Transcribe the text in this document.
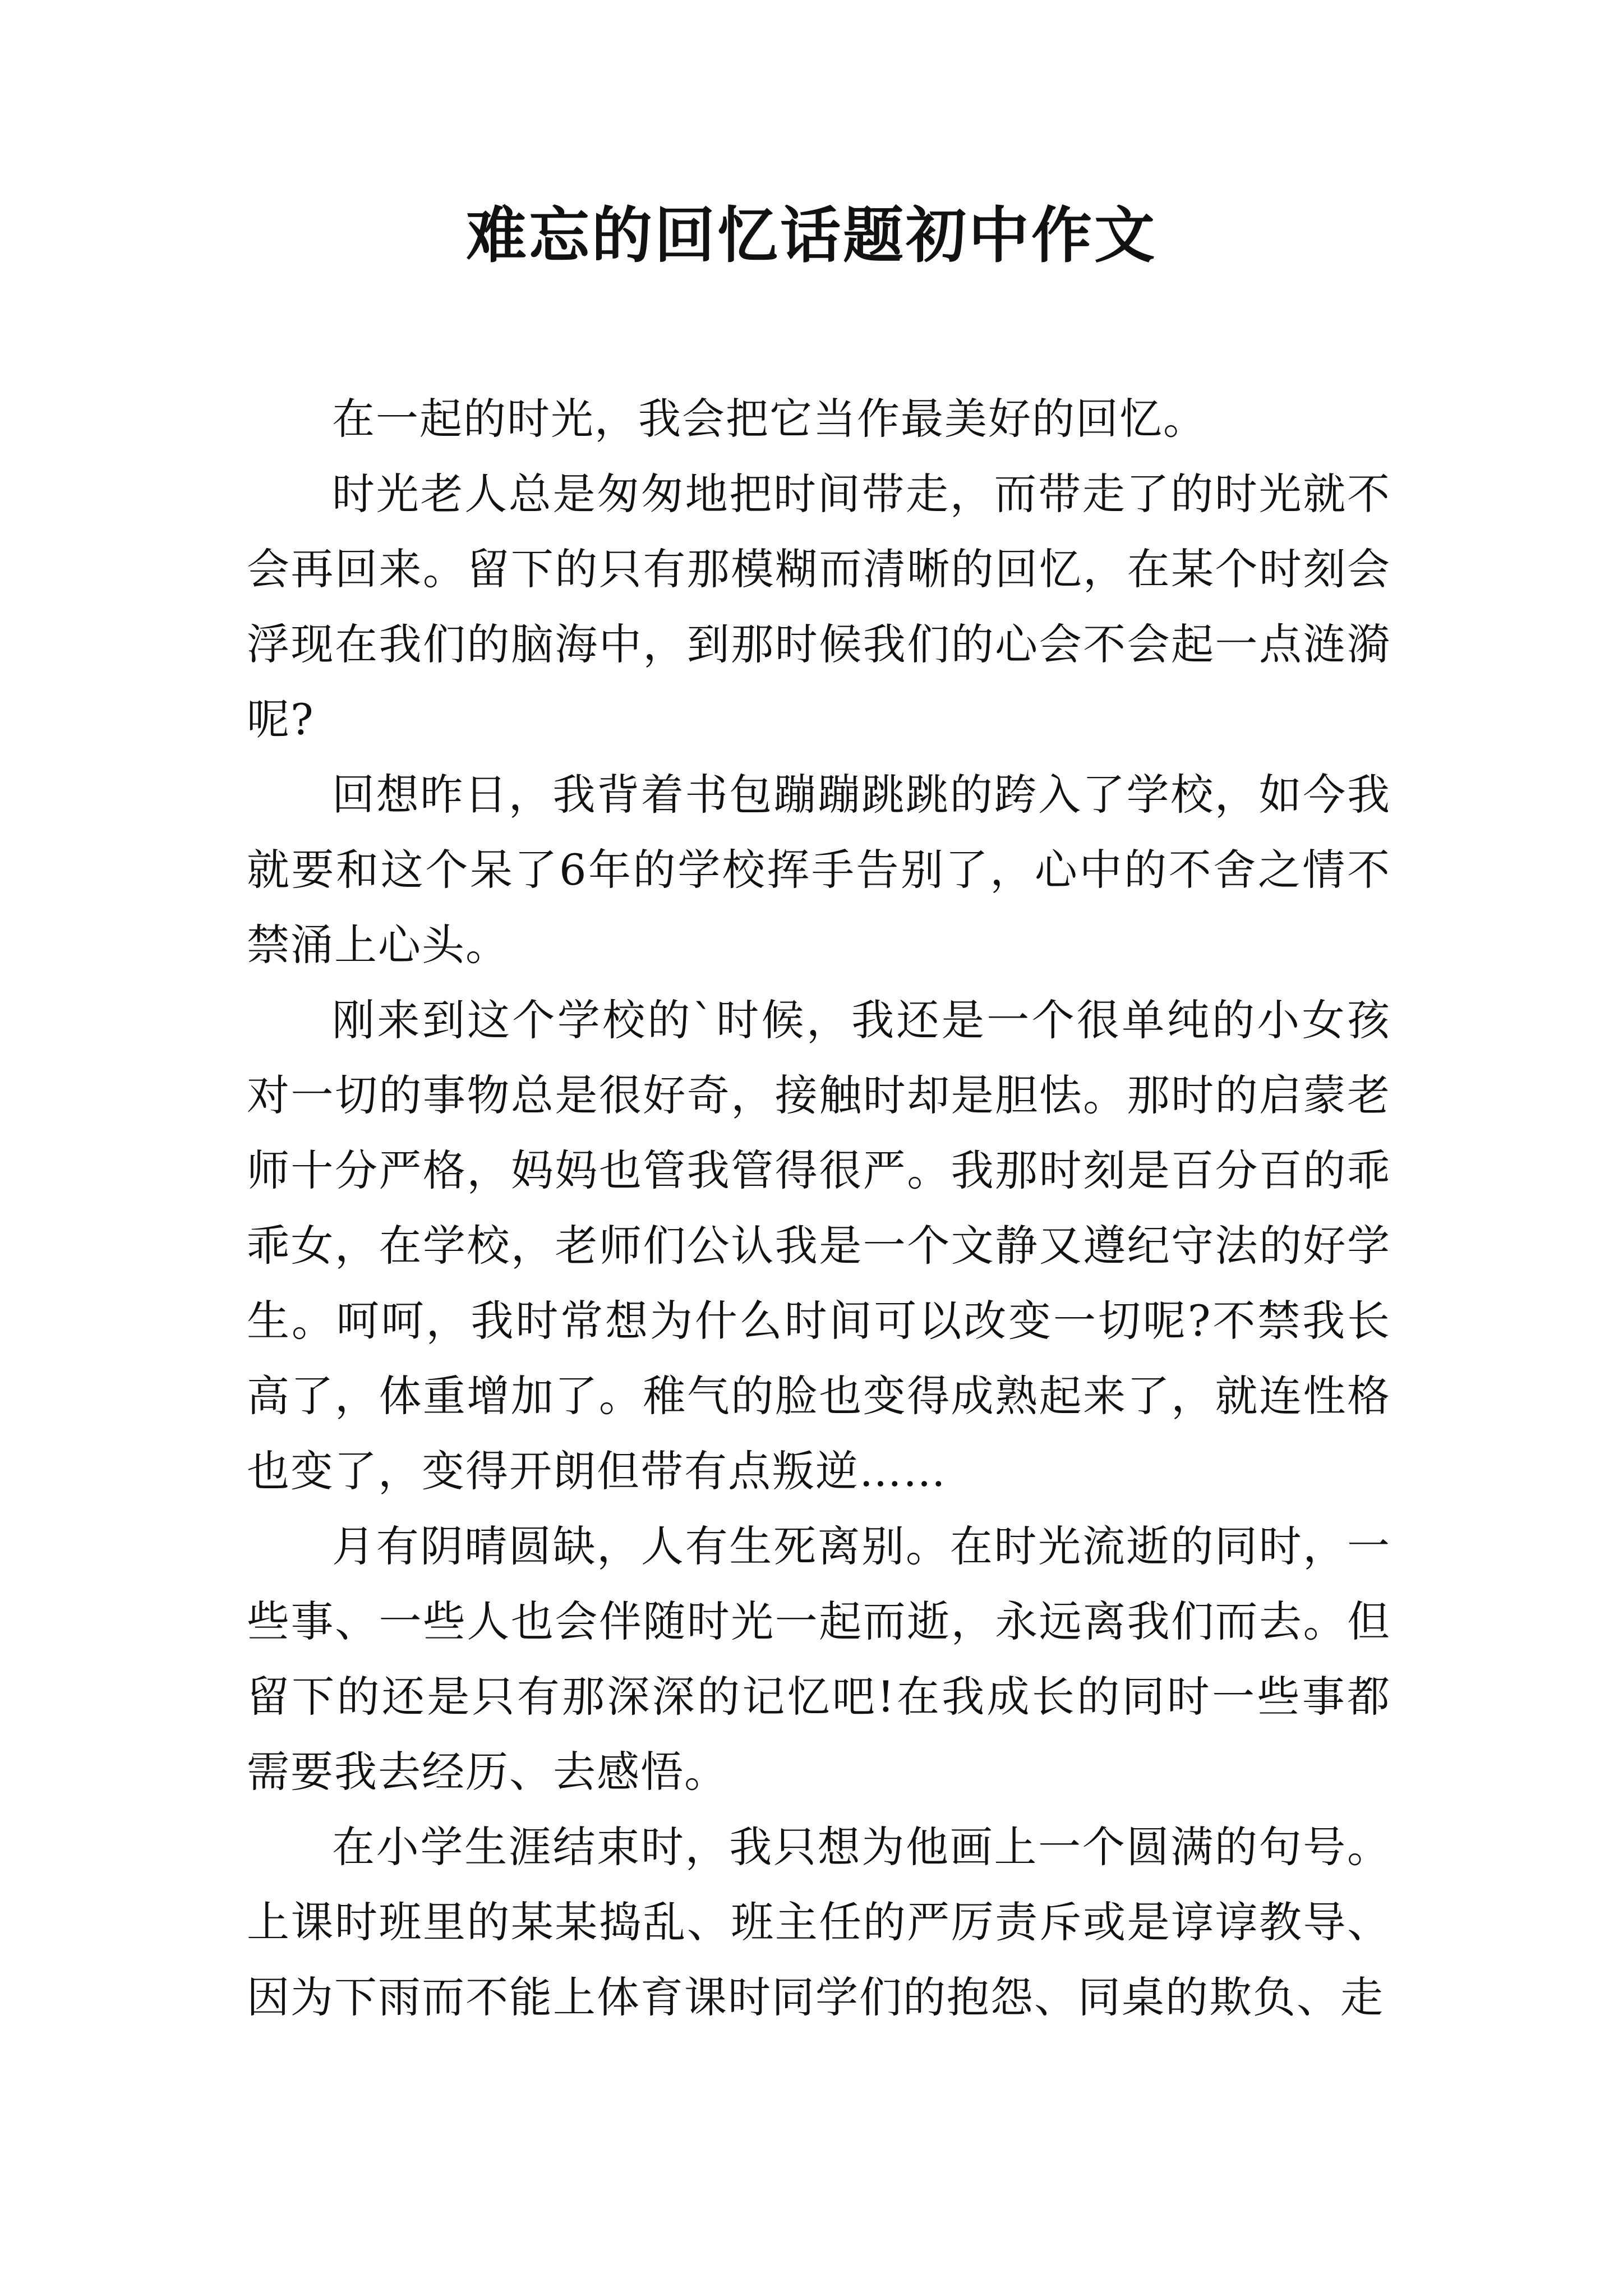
难忘的回忆话题初中作文

在一起的时光，我会把它当作最美好的回忆。

时光老人总是匆匆地把时间带走，而带走了的时光就不会再回来。留下的只有那模糊而清晰的回忆，在某个时刻会浮现在我们的脑海中，到那时候我们的心会不会起一点涟漪呢?

回想昨日，我背着书包蹦蹦跳跳的跨入了学校，如今我就要和这个呆了6年的学校挥手告别了，心中的不舍之情不禁涌上心头。

刚来到这个学校的`时候，我还是一个很单纯的小女孩对一切的事物总是很好奇，接触时却是胆怯。那时的启蒙老师十分严格，妈妈也管我管得很严。我那时刻是百分百的乖乖女，在学校，老师们公认我是一个文静又遵纪守法的好学生。呵呵，我时常想为什么时间可以改变一切呢?不禁我长高了，体重增加了。稚气的脸也变得成熟起来了，就连性格也变了，变得开朗但带有点叛逆……

月有阴晴圆缺，人有生死离别。在时光流逝的同时，一些事、一些人也会伴随时光一起而逝，永远离我们而去。但留下的还是只有那深深的记忆吧!在我成长的同时一些事都需要我去经历、去感悟。

在小学生涯结束时，我只想为他画上一个圆满的句号。上课时班里的某某捣乱、班主任的严厉责斥或是谆谆教导、因为下雨而不能上体育课时同学们的抱怨、同桌的欺负、走
